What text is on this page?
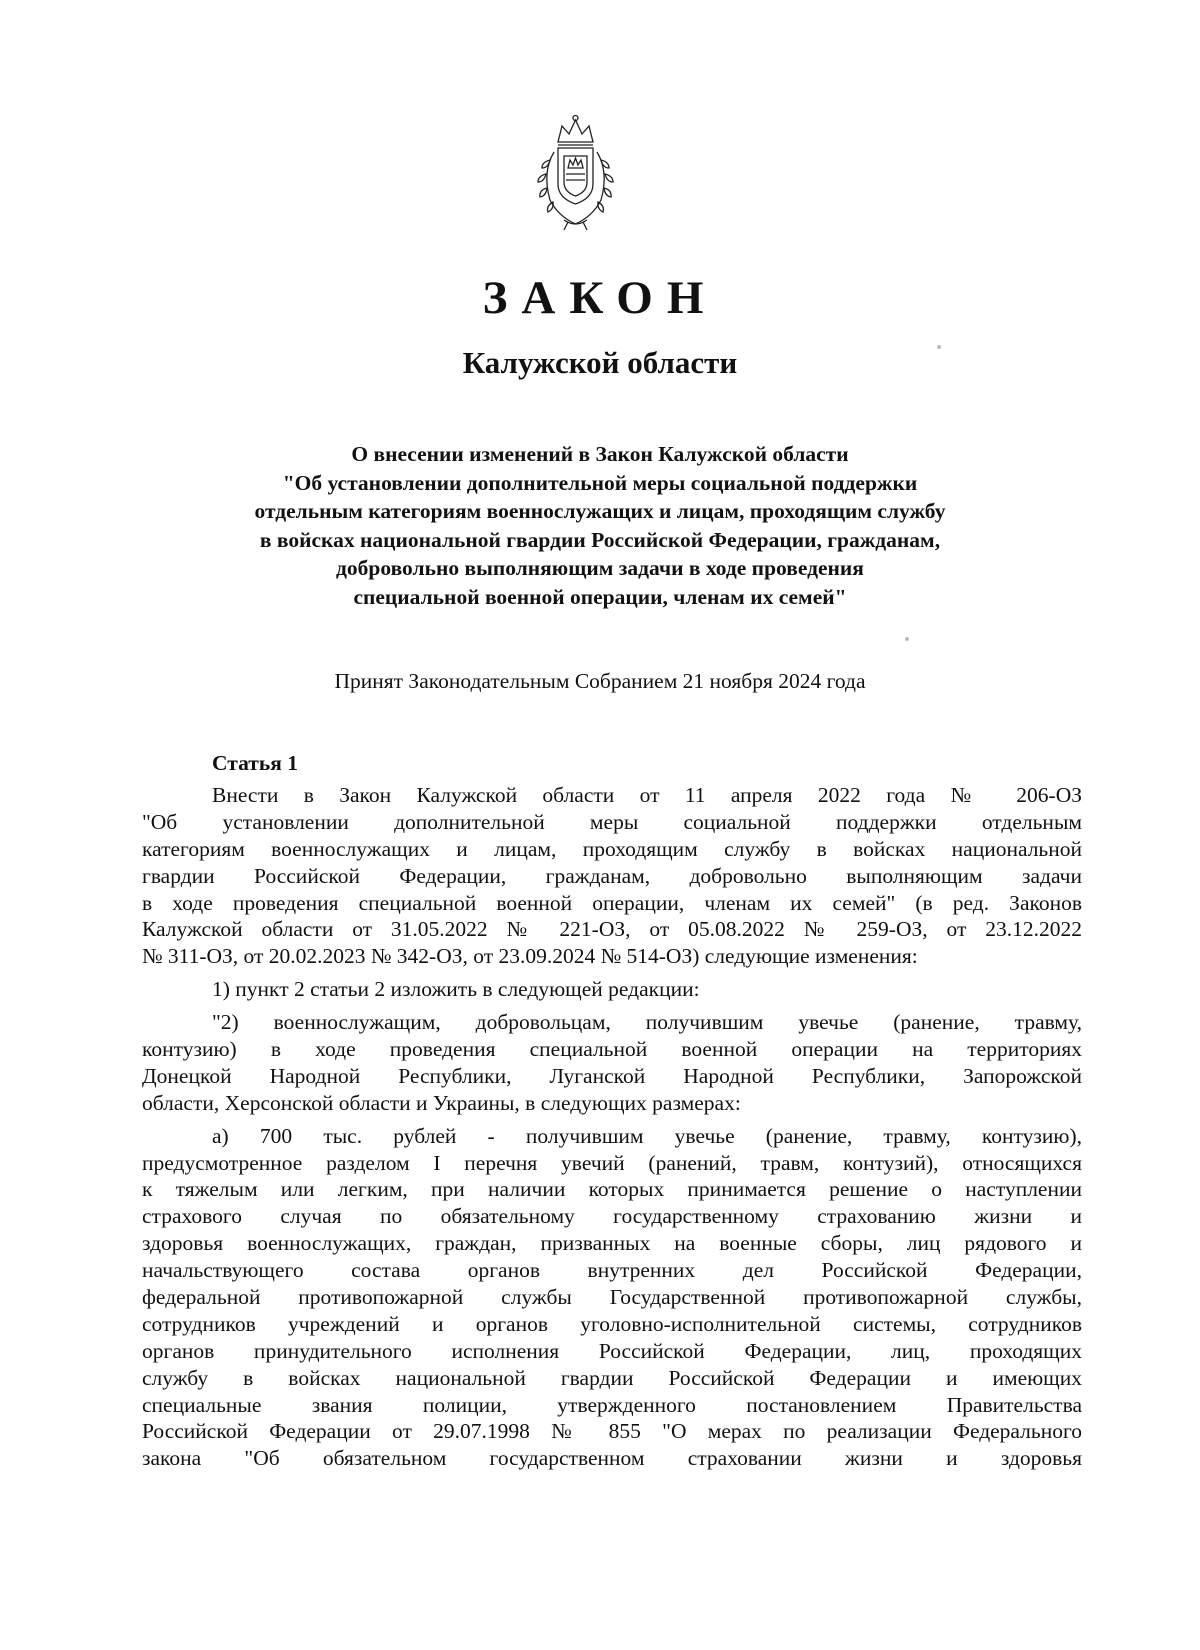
ЗАКОН
Калужской области
О внесении изменений в Закон Калужской области
"Об установлении дополнительной меры социальной поддержки
отдельным категориям военнослужащих и лицам, проходящим службу
в войсках национальной гвардии Российской Федерации, гражданам,
добровольно выполняющим задачи в ходе проведения
специальной военной операции, членам их семей"
Принят Законодательным Собранием 21 ноября 2024 года
Статья 1
Внести в Закон Калужской области от 11 апреля 2022 года № 206-ОЗ
"Об установлении дополнительной меры социальной поддержки отдельным
категориям военнослужащих и лицам, проходящим службу в войсках национальной
гвардии Российской Федерации, гражданам, добровольно выполняющим задачи
в ходе проведения специальной военной операции, членам их семей" (в ред. Законов
Калужской области от 31.05.2022 № 221-ОЗ, от 05.08.2022 № 259-ОЗ, от 23.12.2022
№ 311-ОЗ, от 20.02.2023 № 342-ОЗ, от 23.09.2024 № 514-ОЗ) следующие изменения:
1) пункт 2 статьи 2 изложить в следующей редакции:
"2) военнослужащим, добровольцам, получившим увечье (ранение, травму,
контузию) в ходе проведения специальной военной операции на территориях
Донецкой Народной Республики, Луганской Народной Республики, Запорожской
области, Херсонской области и Украины, в следующих размерах:
а) 700 тыс. рублей - получившим увечье (ранение, травму, контузию),
предусмотренное разделом I перечня увечий (ранений, травм, контузий), относящихся
к тяжелым или легким, при наличии которых принимается решение о наступлении
страхового случая по обязательному государственному страхованию жизни и
здоровья военнослужащих, граждан, призванных на военные сборы, лиц рядового и
начальствующего состава органов внутренних дел Российской Федерации,
федеральной противопожарной службы Государственной противопожарной службы,
сотрудников учреждений и органов уголовно-исполнительной системы, сотрудников
органов принудительного исполнения Российской Федерации, лиц, проходящих
службу в войсках национальной гвардии Российской Федерации и имеющих
специальные звания полиции, утвержденного постановлением Правительства
Российской Федерации от 29.07.1998 № 855 "О мерах по реализации Федерального
закона "Об обязательном государственном страховании жизни и здоровья
